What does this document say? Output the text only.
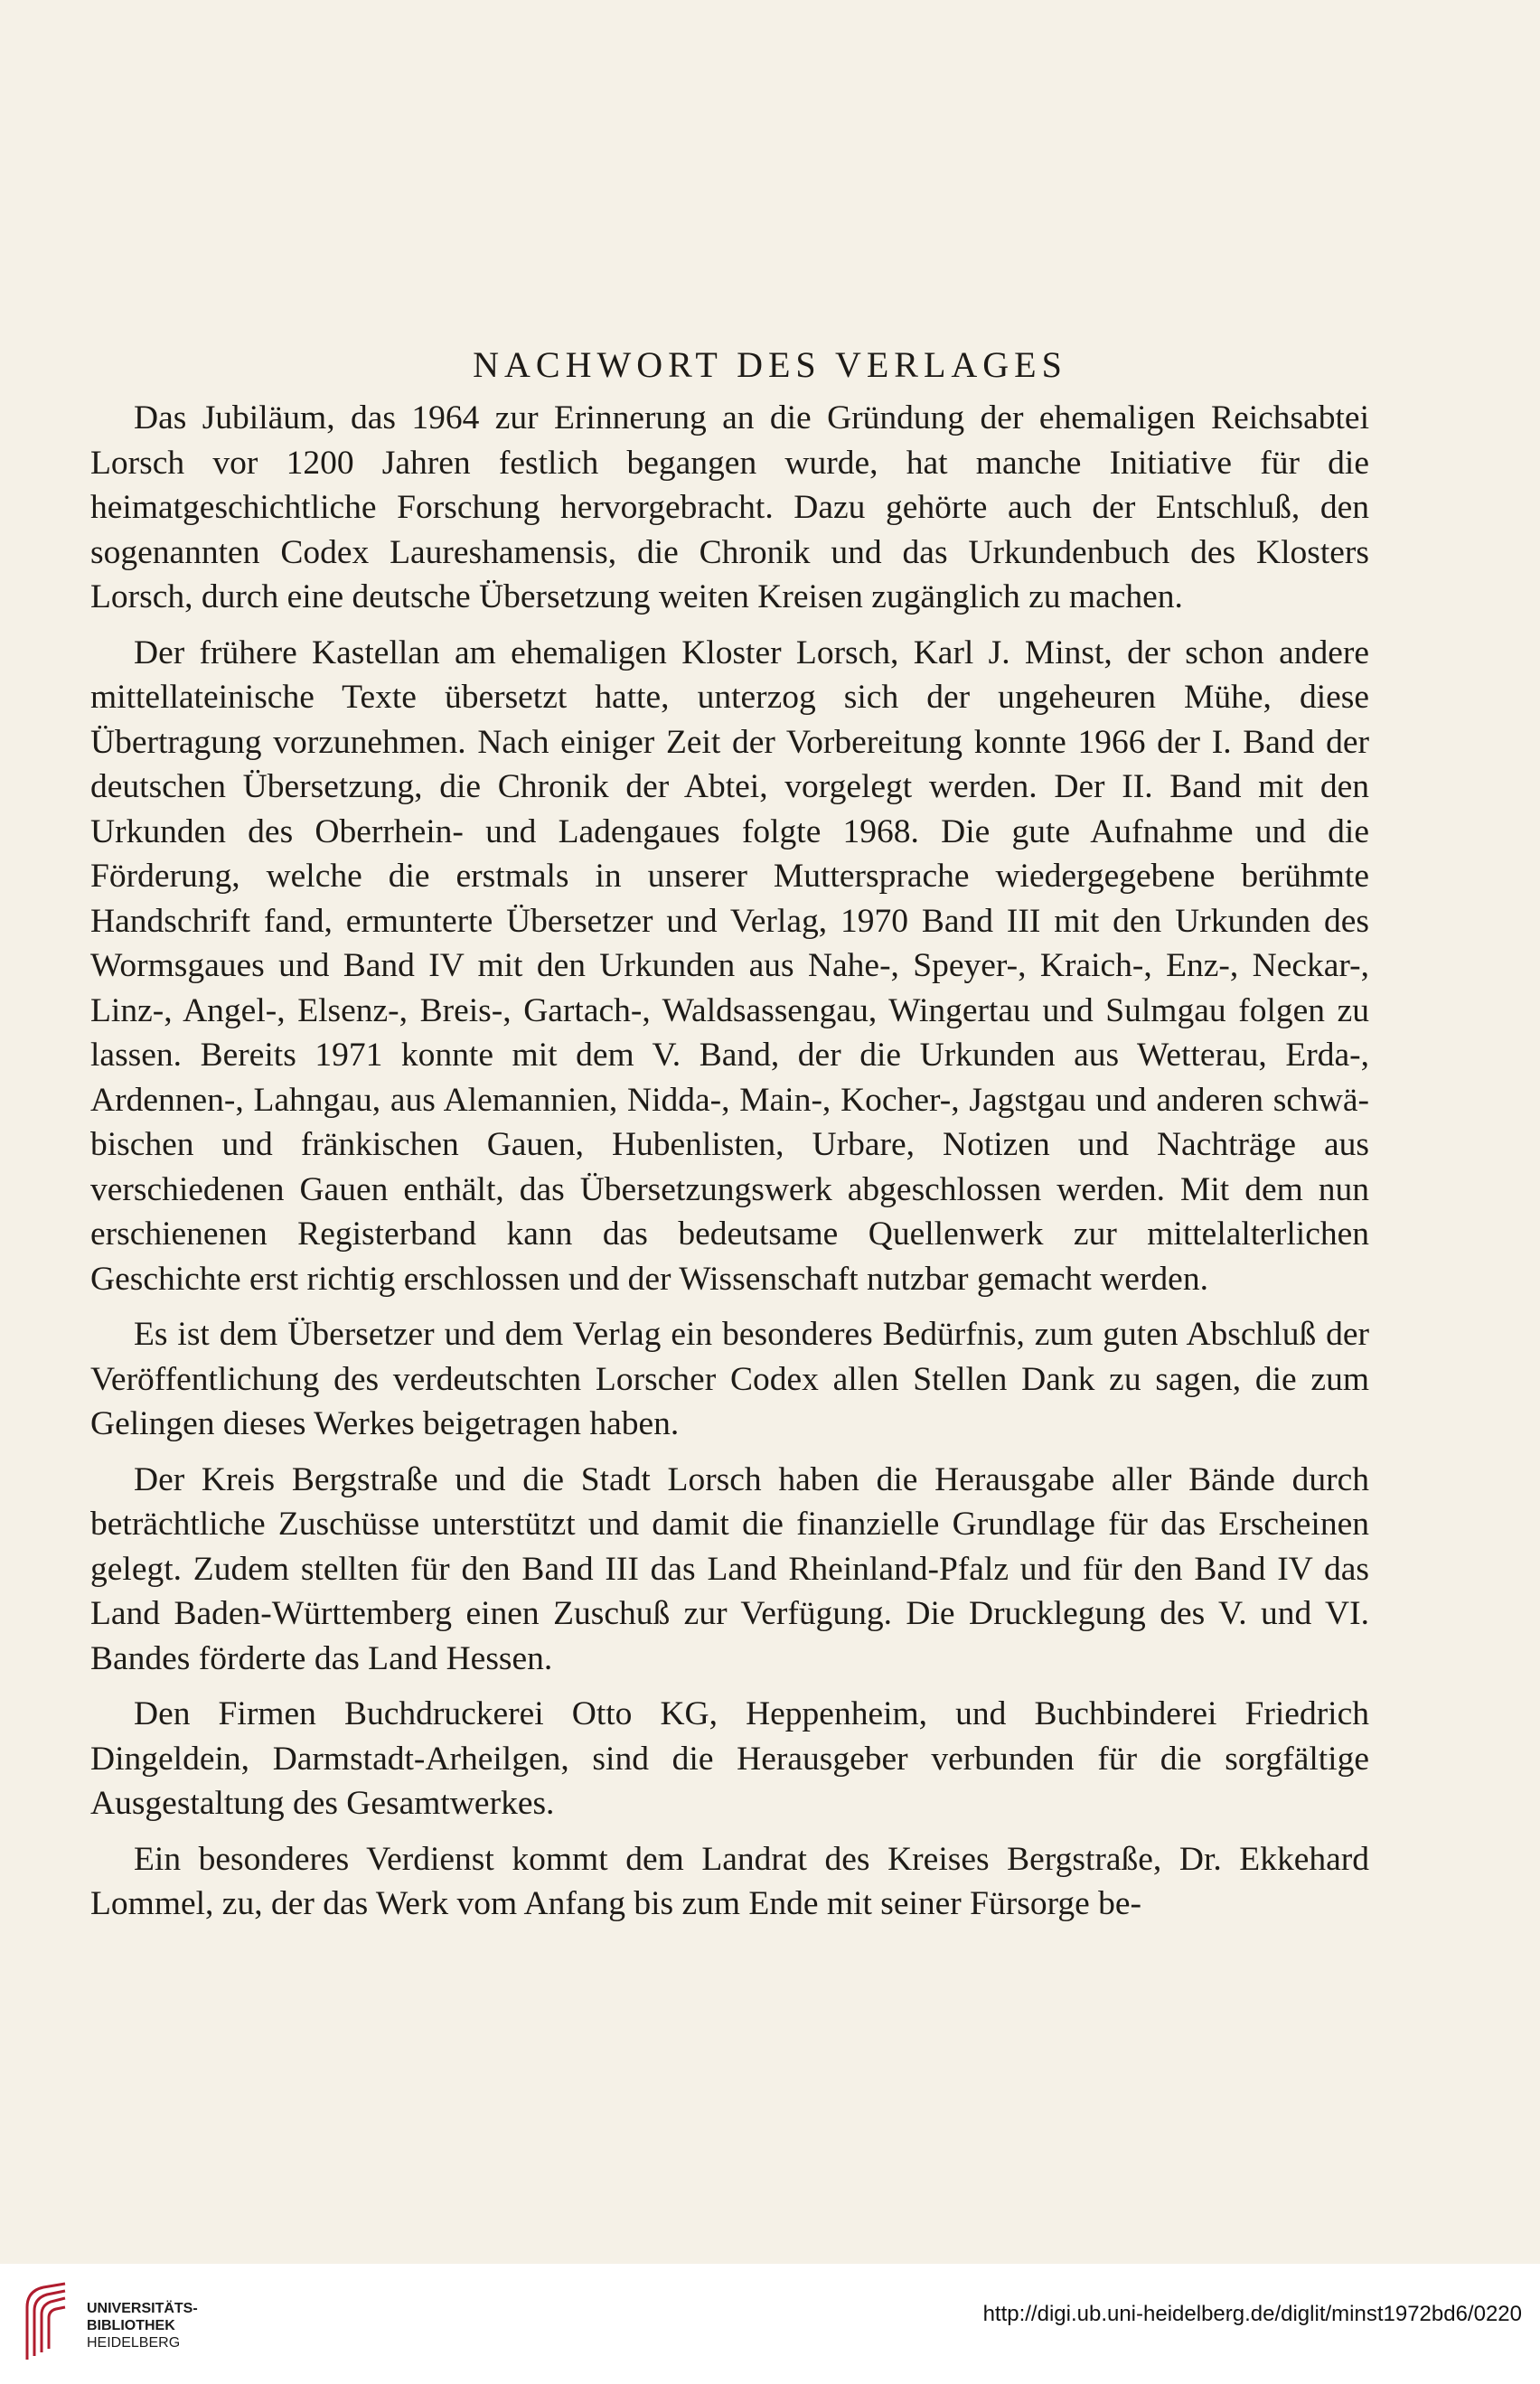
NACHWORT DES VERLAGES

Das Jubiläum, das 1964 zur Erinnerung an die Gründung der ehemaligen Reichsabtei Lorsch vor 1200 Jahren festlich begangen wurde, hat manche Initiative für die heimatgeschichtliche Forschung hervorgebracht. Dazu gehörte auch der Entschluß, den sogenannten Codex Laureshamensis, die Chronik und das Urkundenbuch des Klosters Lorsch, durch eine deutsche Übersetzung weiten Kreisen zugänglich zu machen.

Der frühere Kastellan am ehemaligen Kloster Lorsch, Karl J. Minst, der schon andere mittellateinische Texte übersetzt hatte, unterzog sich der ungeheuren Mühe, diese Übertragung vorzunehmen. Nach einiger Zeit der Vorbereitung konnte 1966 der I. Band der deutschen Übersetzung, die Chronik der Abtei, vorgelegt werden. Der II. Band mit den Urkunden des Oberrhein- und Ladengaues folgte 1968. Die gute Aufnahme und die Förderung, welche die erstmals in unserer Muttersprache wiedergegebene berühmte Handschrift fand, ermunterte Übersetzer und Verlag, 1970 Band III mit den Urkunden des Wormsgaues und Band IV mit den Urkunden aus Nahe-, Speyer-, Kraich-, Enz-, Neckar-, Linz-, Angel-, Elsenz-, Breis-, Gartach-, Waldsassengau, Wingertau und Sulmgau folgen zu lassen. Bereits 1971 konnte mit dem V. Band, der die Urkunden aus Wetterau, Erda-, Ardennen-, Lahngau, aus Alemannien, Nidda-, Main-, Kocher-, Jagstgau und anderen schwäbischen und fränkischen Gauen, Hubenlisten, Urbare, Notizen und Nachträge aus verschiedenen Gauen enthält, das Übersetzungswerk abgeschlossen werden. Mit dem nun erschienenen Registerband kann das bedeutsame Quellenwerk zur mittelalterlichen Geschichte erst richtig erschlossen und der Wissenschaft nutzbar gemacht werden.

Es ist dem Übersetzer und dem Verlag ein besonderes Bedürfnis, zum guten Abschluß der Veröffentlichung des verdeutschten Lorscher Codex allen Stellen Dank zu sagen, die zum Gelingen dieses Werkes beigetragen haben.

Der Kreis Bergstraße und die Stadt Lorsch haben die Herausgabe aller Bände durch beträchtliche Zuschüsse unterstützt und damit die finanzielle Grundlage für das Erscheinen gelegt. Zudem stellten für den Band III das Land Rheinland-Pfalz und für den Band IV das Land Baden-Württemberg einen Zuschuß zur Verfügung. Die Drucklegung des V. und VI. Bandes förderte das Land Hessen.

Den Firmen Buchdruckerei Otto KG, Heppenheim, und Buchbinderei Friedrich Dingeldein, Darmstadt-Arheilgen, sind die Herausgeber verbunden für die sorgfältige Ausgestaltung des Gesamtwerkes.

Ein besonderes Verdienst kommt dem Landrat des Kreises Bergstraße, Dr. Ekkehard Lommel, zu, der das Werk vom Anfang bis zum Ende mit seiner Fürsorge be-

UNIVERSITÄTS-
BIBLIOTHEK
HEIDELBERG
http://digi.ub.uni-heidelberg.de/diglit/minst1972bd6/0220
